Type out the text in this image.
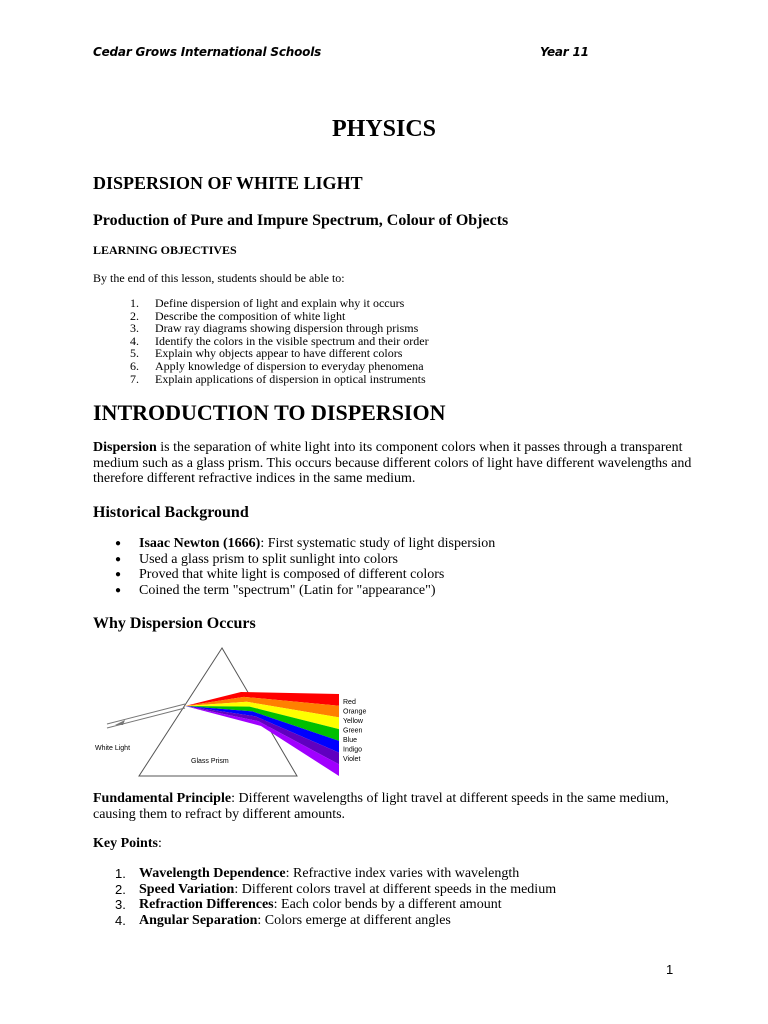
Cedar Grows International Schools	Year 11
PHYSICS
DISPERSION OF WHITE LIGHT
Production of Pure and Impure Spectrum, Colour of Objects
LEARNING OBJECTIVES

By the end of this lesson, students should be able to:

1.	Define dispersion of light and explain why it occurs
2.	Describe the composition of white light
3.	Draw ray diagrams showing dispersion through prisms
4.	Identify the colors in the visible spectrum and their order
5.	Explain why objects appear to have different colors
6.	Apply knowledge of dispersion to everyday phenomena
7.	Explain applications of dispersion in optical instruments
INTRODUCTION TO DISPERSION

Dispersion is the separation of white light into its component colors when it passes through a transparent medium such as a glass prism. This occurs because different colors of light have different wavelengths and therefore different refractive indices in the same medium.

Historical Background
●	Isaac Newton (1666): First systematic study of light dispersion
●	Used a glass prism to split sunlight into colors
●	Proved that white light is composed of different colors
●	Coined the term "spectrum" (Latin for "appearance")
Why Dispersion Occurs
White Light
Glass Prism
Red
Orange
Yellow
Green
Blue
Indigo
Violet

Fundamental Principle: Different wavelengths of light travel at different speeds in the same medium, causing them to refract by different amounts.

Key Points:

1. Wavelength Dependence: Refractive index varies with wavelength
2. Speed Variation: Different colors travel at different speeds in the medium
3. Refraction Differences: Each color bends by a different amount
4. Angular Separation: Colors emerge at different angles
1
